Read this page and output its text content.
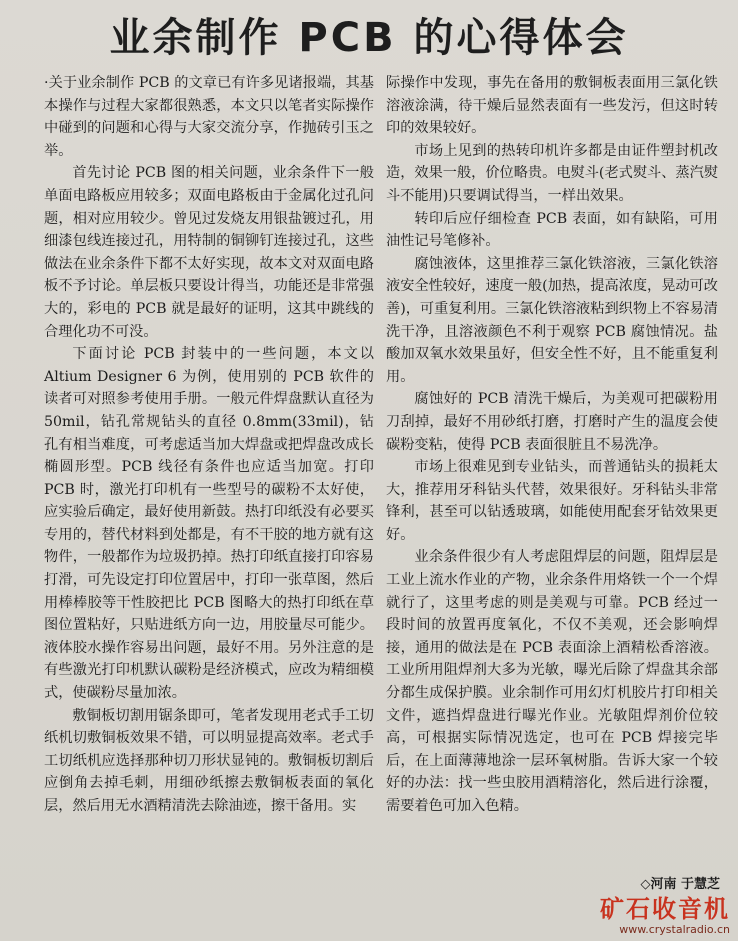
业余制作 PCB 的心得体会

·关于业余制作 PCB 的文章已有许多见诸报端，其基本操作与过程大家都很熟悉，本文只以笔者实际操作中碰到的问题和心得与大家交流分享，作抛砖引玉之举。

首先讨论 PCB 图的相关问题，业余条件下一般单面电路板应用较多；双面电路板由于金属化过孔问题，相对应用较少。曾见过发烧友用银盐镀过孔，用细漆包线连接过孔，用特制的铜铆钉连接过孔，这些做法在业余条件下都不太好实现，故本文对双面电路板不予讨论。单层板只要设计得当，功能还是非常强大的，彩电的 PCB 就是最好的证明，这其中跳线的合理化功不可没。

下面讨论 PCB 封装中的一些问题，本文以 Altium Designer 6 为例，使用别的 PCB 软件的读者可对照参考使用手册。一般元件焊盘默认直径为 50mil，钻孔常规钻头的直径 0.8mm(33mil)，钻孔有相当难度，可考虑适当加大焊盘或把焊盘改成长椭圆形型。PCB 线径有条件也应适当加宽。打印 PCB 时，激光打印机有一些型号的碳粉不太好使，应实验后确定，最好使用新鼓。热打印纸没有必要买专用的，替代材料到处都是，有不干胶的地方就有这物件，一般都作为垃圾扔掉。热打印纸直接打印容易打滑，可先设定打印位置居中，打印一张草图，然后用棒棒胶等干性胶把比 PCB 图略大的热打印纸在草图位置粘好，只贴进纸方向一边，用胶量尽可能少。液体胶水操作容易出问题，最好不用。另外注意的是有些激光打印机默认碳粉是经济模式，应改为精细模式，使碳粉尽量加浓。

敷铜板切割用锯条即可，笔者发现用老式手工切纸机切敷铜板效果不错，可以明显提高效率。老式手工切纸机应选择那种切刀形状显钝的。敷铜板切割后应倒角去掉毛刺，用细砂纸擦去敷铜板表面的氧化层，然后用无水酒精清洗去除油迹，擦干备用。实

际操作中发现，事先在备用的敷铜板表面用三氯化铁溶液涂满，待干燥后显然表面有一些发污，但这时转印的效果较好。

市场上见到的热转印机许多都是由证件塑封机改造，效果一般，价位略贵。电熨斗(老式熨斗、蒸汽熨斗不能用)只要调试得当，一样出效果。

转印后应仔细检查 PCB 表面，如有缺陷，可用油性记号笔修补。

腐蚀液体，这里推荐三氯化铁溶液，三氯化铁溶液安全性较好，速度一般(加热，提高浓度，晃动可改善)，可重复利用。三氯化铁溶液粘到织物上不容易清洗干净，且溶液颜色不利于观察 PCB 腐蚀情况。盐酸加双氧水效果虽好，但安全性不好，且不能重复利用。

腐蚀好的 PCB 清洗干燥后，为美观可把碳粉用刀刮掉，最好不用砂纸打磨，打磨时产生的温度会使碳粉变粘，使得 PCB 表面很脏且不易洗净。

市场上很难见到专业钻头，而普通钻头的损耗太大，推荐用牙科钻头代替，效果很好。牙科钻头非常锋利，甚至可以钻透玻璃，如能使用配套牙钻效果更好。

业余条件很少有人考虑阻焊层的问题，阻焊层是工业上流水作业的产物，业余条件用烙铁一个一个焊就行了，这里考虑的则是美观与可靠。PCB 经过一段时间的放置再度氧化，不仅不美观，还会影响焊接，通用的做法是在 PCB 表面涂上酒精松香溶液。工业所用阻焊剂大多为光敏，曝光后除了焊盘其余部分都生成保护膜。业余制作可用幻灯机胶片打印相关文件，遮挡焊盘进行曝光作业。光敏阻焊剂价位较高，可根据实际情况选定，也可在 PCB 焊接完毕后，在上面薄薄地涂一层环氧树脂。告诉大家一个较好的办法：找一些虫胶用酒精溶化，然后进行涂覆，需要着色可加入色精。

◇河南 于慧芝
矿石收音机
www.crystalradio.cn
